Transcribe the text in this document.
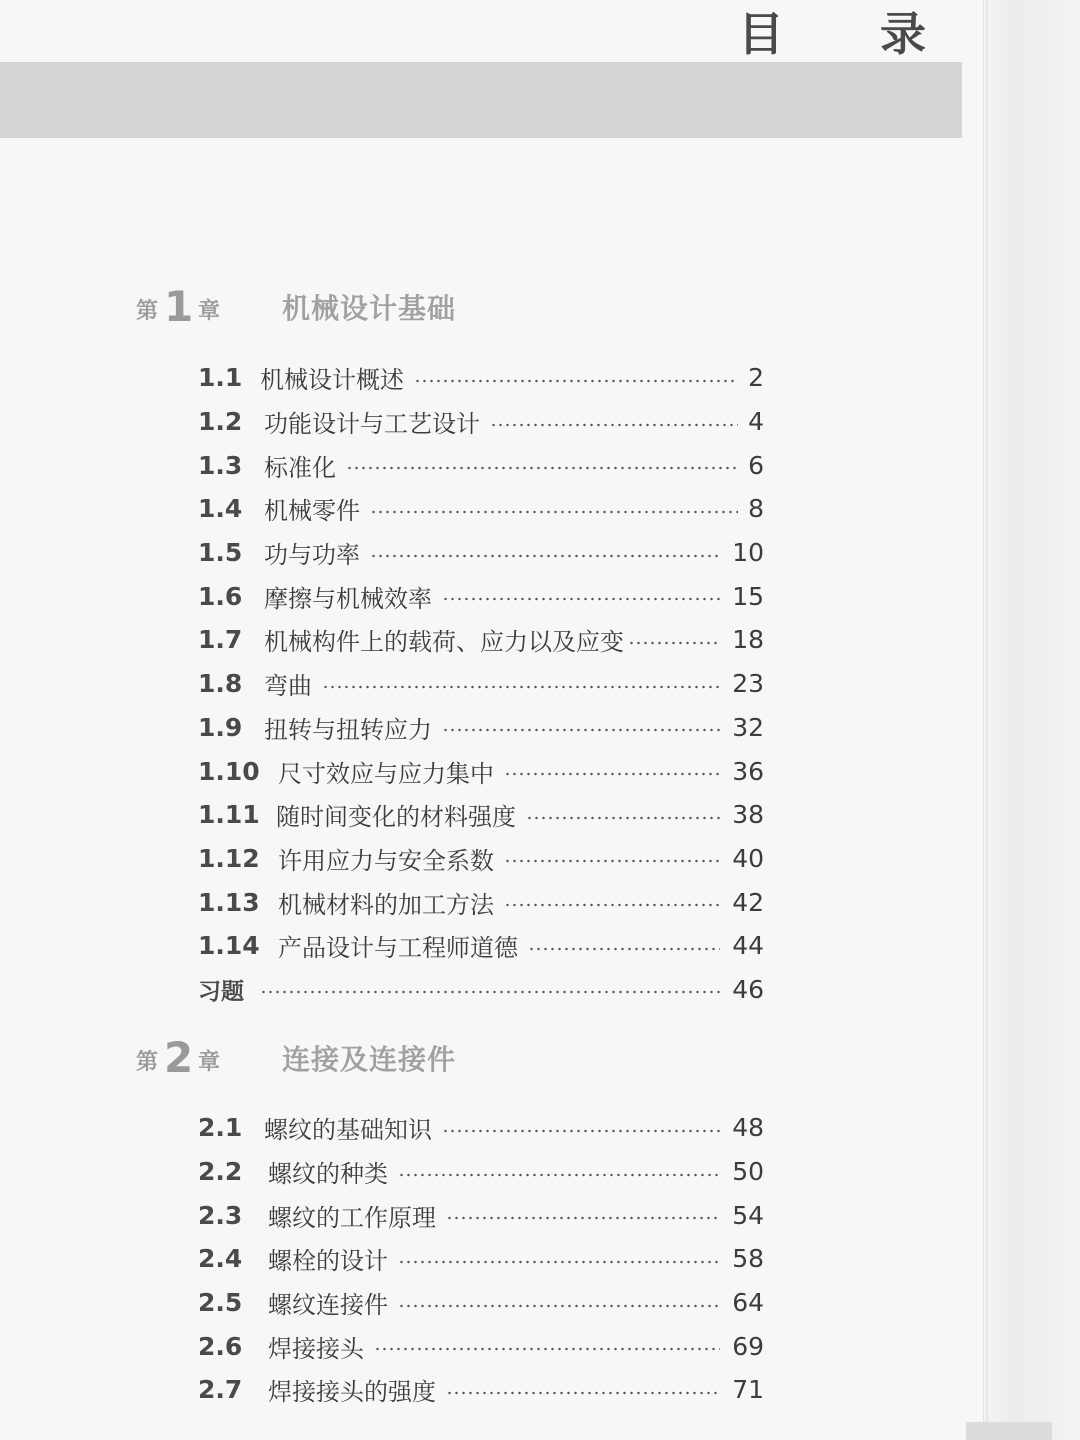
目 录
第 1 章 机械设计基础
1.1 机械设计概述	2
1.2 功能设计与工艺设计	4
1.3 标准化	6
1.4 机械零件	8
1.5 功与功率	10
1.6 摩擦与机械效率	15
1.7 机械构件上的载荷、应力以及应变	18
1.8 弯曲	23
1.9 扭转与扭转应力	32
1.10 尺寸效应与应力集中	36
1.11 随时间变化的材料强度	38
1.12 许用应力与安全系数	40
1.13 机械材料的加工方法	42
1.14 产品设计与工程师道德	44
习题	46
第 2 章 连接及连接件
2.1 螺纹的基础知识	48
2.2	螺纹的种类	50
2.3	螺纹的工作原理	54
2.4	螺栓的设计	58
2.5	螺纹连接件	64
2.6	焊接接头	69
2.7	焊接接头的强度	71
